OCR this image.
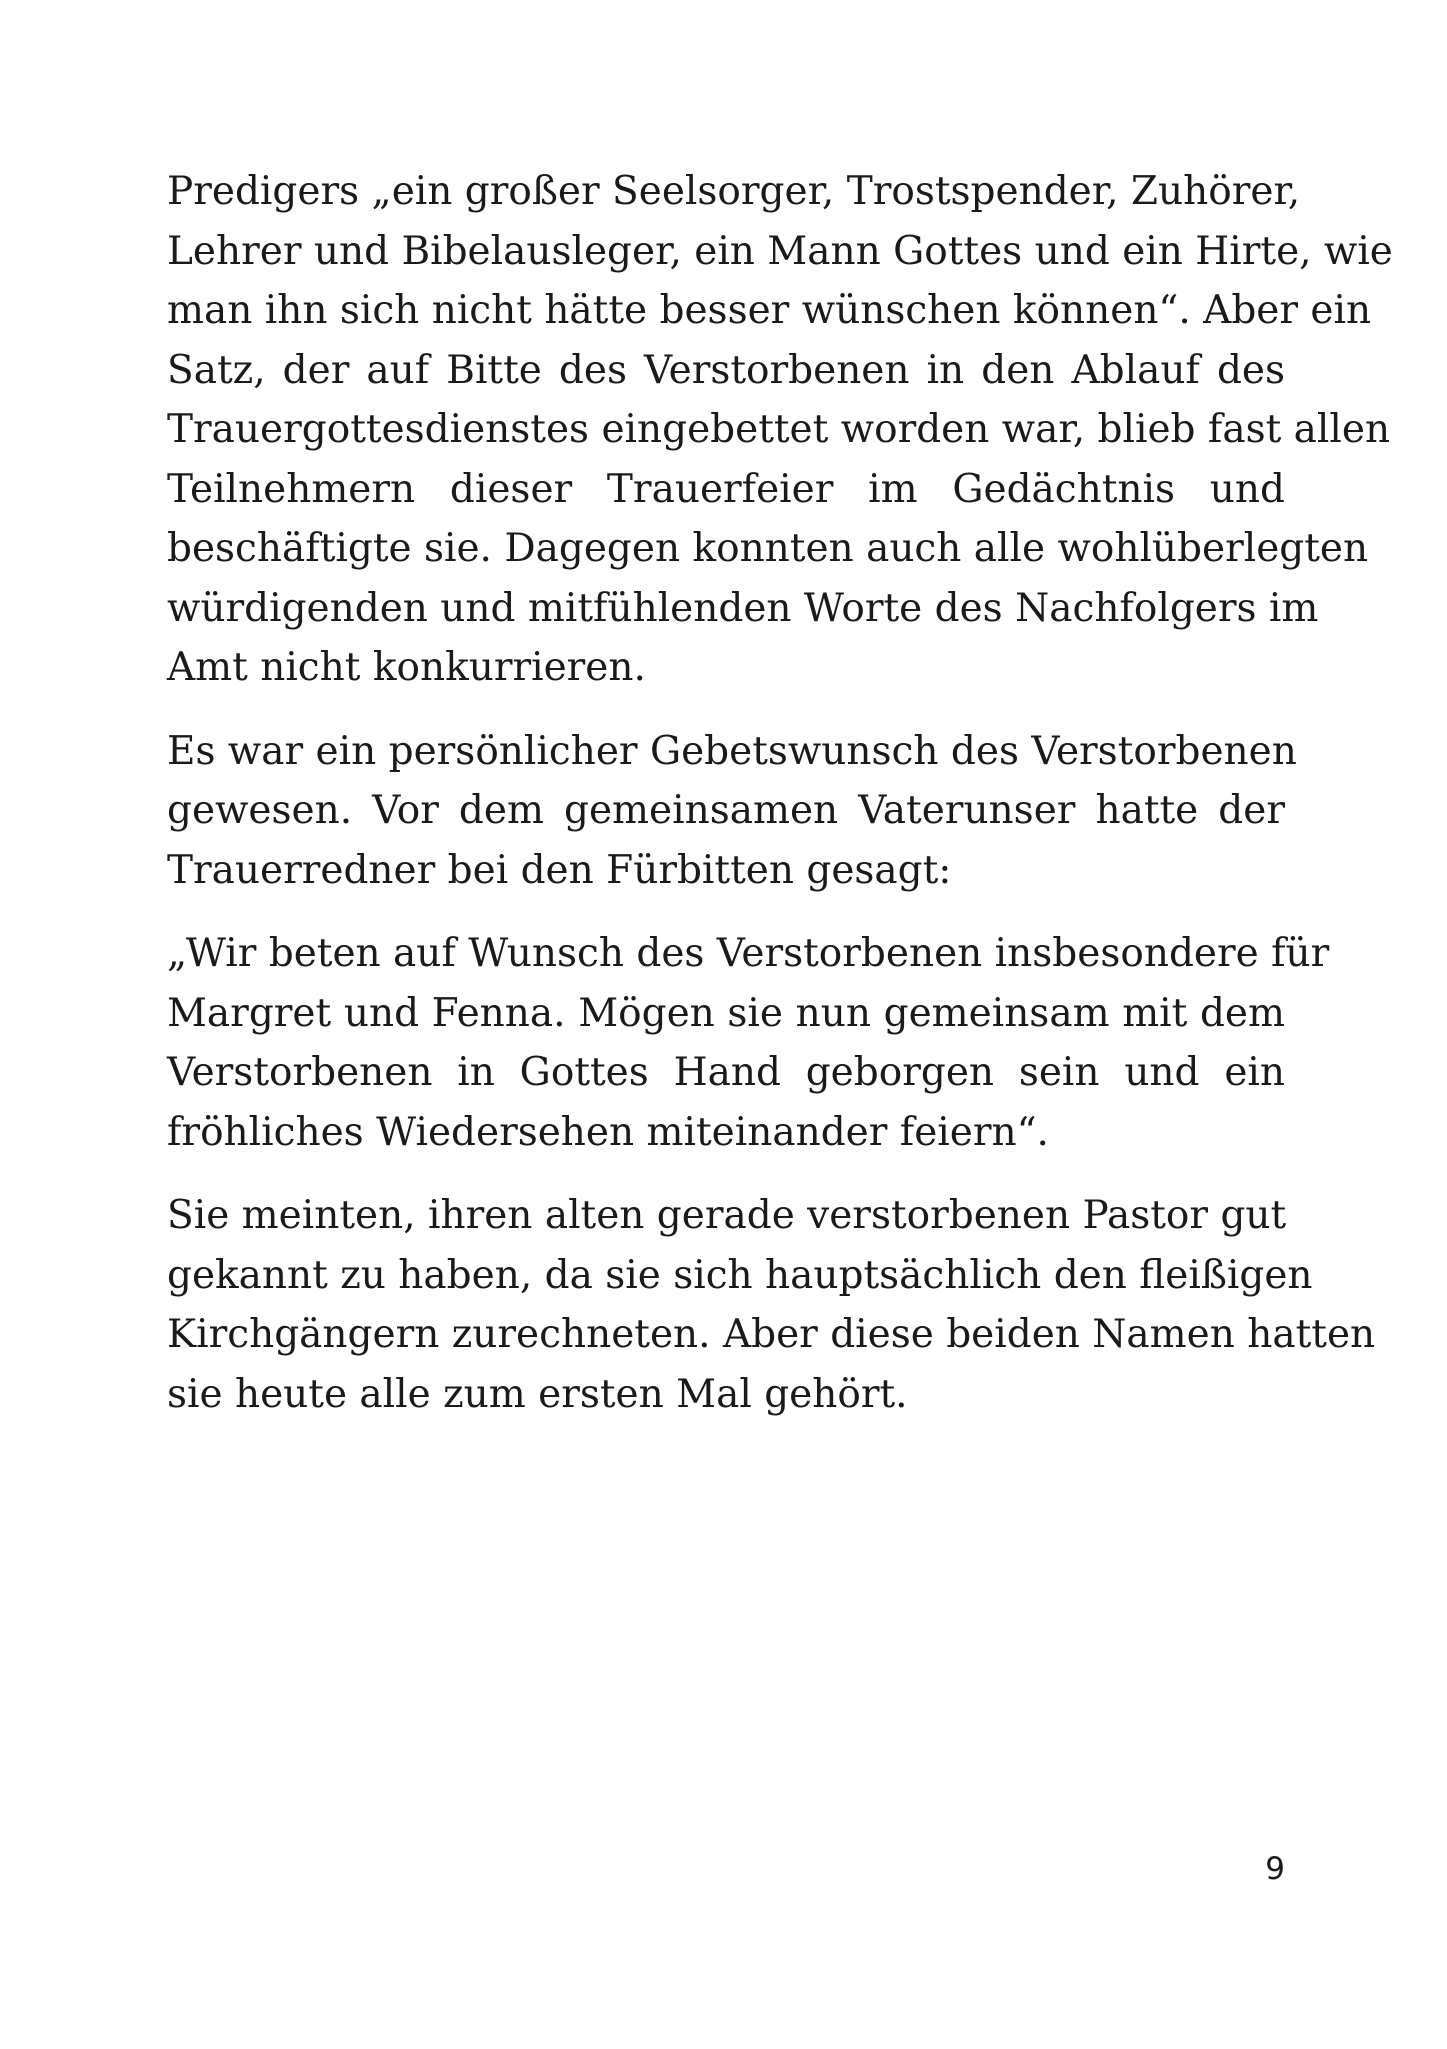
Predigers „ein großer Seelsorger, Trostspender, Zuhörer,
Lehrer und Bibelausleger, ein Mann Gottes und ein Hirte, wie
man ihn sich nicht hätte besser wünschen können“. Aber ein
Satz, der auf Bitte des Verstorbenen in den Ablauf des
Trauergottesdienstes eingebettet worden war, blieb fast allen
Teilnehmern dieser Trauerfeier im Gedächtnis und
beschäftigte sie. Dagegen konnten auch alle wohlüberlegten
würdigenden und mitfühlenden Worte des Nachfolgers im
Amt nicht konkurrieren.

Es war ein persönlicher Gebetswunsch des Verstorbenen
gewesen. Vor dem gemeinsamen Vaterunser hatte der
Trauerredner bei den Fürbitten gesagt:

„Wir beten auf Wunsch des Verstorbenen insbesondere für
Margret und Fenna. Mögen sie nun gemeinsam mit dem
Verstorbenen in Gottes Hand geborgen sein und ein
fröhliches Wiedersehen miteinander feiern“.

Sie meinten, ihren alten gerade verstorbenen Pastor gut
gekannt zu haben, da sie sich hauptsächlich den fleißigen
Kirchgängern zurechneten. Aber diese beiden Namen hatten
sie heute alle zum ersten Mal gehört.

9
